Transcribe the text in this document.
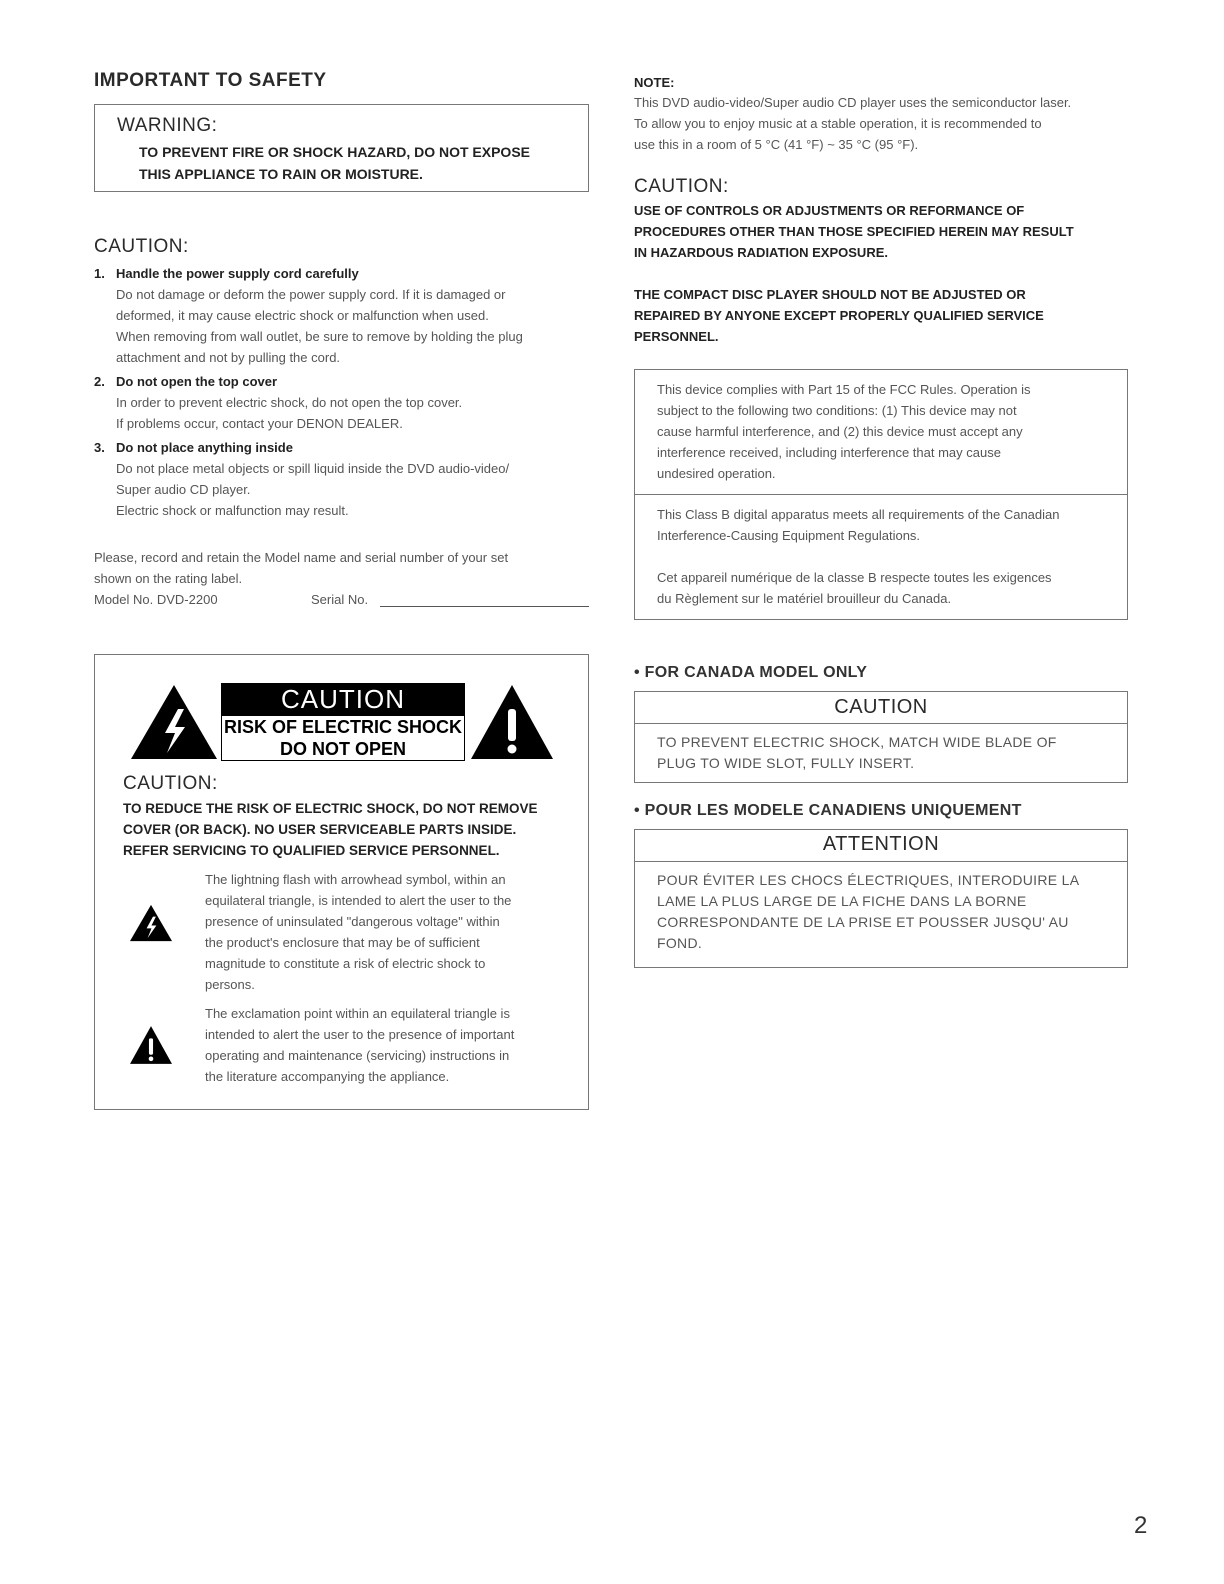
IMPORTANT TO SAFETY
WARNING:
TO PREVENT FIRE OR SHOCK HAZARD, DO NOT EXPOSE
THIS APPLIANCE TO RAIN OR MOISTURE.
CAUTION:
1. Handle the power supply cord carefully
Do not damage or deform the power supply cord. If it is damaged or
deformed, it may cause electric shock or malfunction when used.
When removing from wall outlet, be sure to remove by holding the plug
attachment and not by pulling the cord.
2. Do not open the top cover
In order to prevent electric shock, do not open the top cover.
If problems occur, contact your DENON DEALER.
3. Do not place anything inside
Do not place metal objects or spill liquid inside the DVD audio-video/
Super audio CD player.
Electric shock or malfunction may result.
Please, record and retain the Model name and serial number of your set
shown on the rating label.
Model No. DVD-2200	Serial No.
CAUTION
RISK OF ELECTRIC SHOCK
DO NOT OPEN
CAUTION:
TO REDUCE THE RISK OF ELECTRIC SHOCK, DO NOT REMOVE
COVER (OR BACK). NO USER SERVICEABLE PARTS INSIDE.
REFER SERVICING TO QUALIFIED SERVICE PERSONNEL.
The lightning flash with arrowhead symbol, within an
equilateral triangle, is intended to alert the user to the
presence of uninsulated "dangerous voltage" within
the product's enclosure that may be of sufficient
magnitude to constitute a risk of electric shock to
persons.
The exclamation point within an equilateral triangle is
intended to alert the user to the presence of important
operating and maintenance (servicing) instructions in
the literature accompanying the appliance.
NOTE:
This DVD audio-video/Super audio CD player uses the semiconductor laser.
To allow you to enjoy music at a stable operation, it is recommended to
use this in a room of 5 °C (41 °F) ~ 35 °C (95 °F).
CAUTION:
USE OF CONTROLS OR ADJUSTMENTS OR REFORMANCE OF
PROCEDURES OTHER THAN THOSE SPECIFIED HEREIN MAY RESULT
IN HAZARDOUS RADIATION EXPOSURE.
THE COMPACT DISC PLAYER SHOULD NOT BE ADJUSTED OR
REPAIRED BY ANYONE EXCEPT PROPERLY QUALIFIED SERVICE
PERSONNEL.
This device complies with Part 15 of the FCC Rules. Operation is
subject to the following two conditions: (1) This device may not
cause harmful interference, and (2) this device must accept any
interference received, including interference that may cause
undesired operation.
This Class B digital apparatus meets all requirements of the Canadian
Interference-Causing Equipment Regulations.
Cet appareil numérique de la classe B respecte toutes les exigences
du Règlement sur le matériel brouilleur du Canada.
• FOR CANADA MODEL ONLY
CAUTION
TO PREVENT ELECTRIC SHOCK, MATCH WIDE BLADE OF
PLUG TO WIDE SLOT, FULLY INSERT.
• POUR LES MODELE CANADIENS UNIQUEMENT
ATTENTION
POUR ÉVITER LES CHOCS ÉLECTRIQUES, INTERODUIRE LA
LAME LA PLUS LARGE DE LA FICHE DANS LA BORNE
CORRESPONDANTE DE LA PRISE ET POUSSER JUSQU' AU
FOND.
2
